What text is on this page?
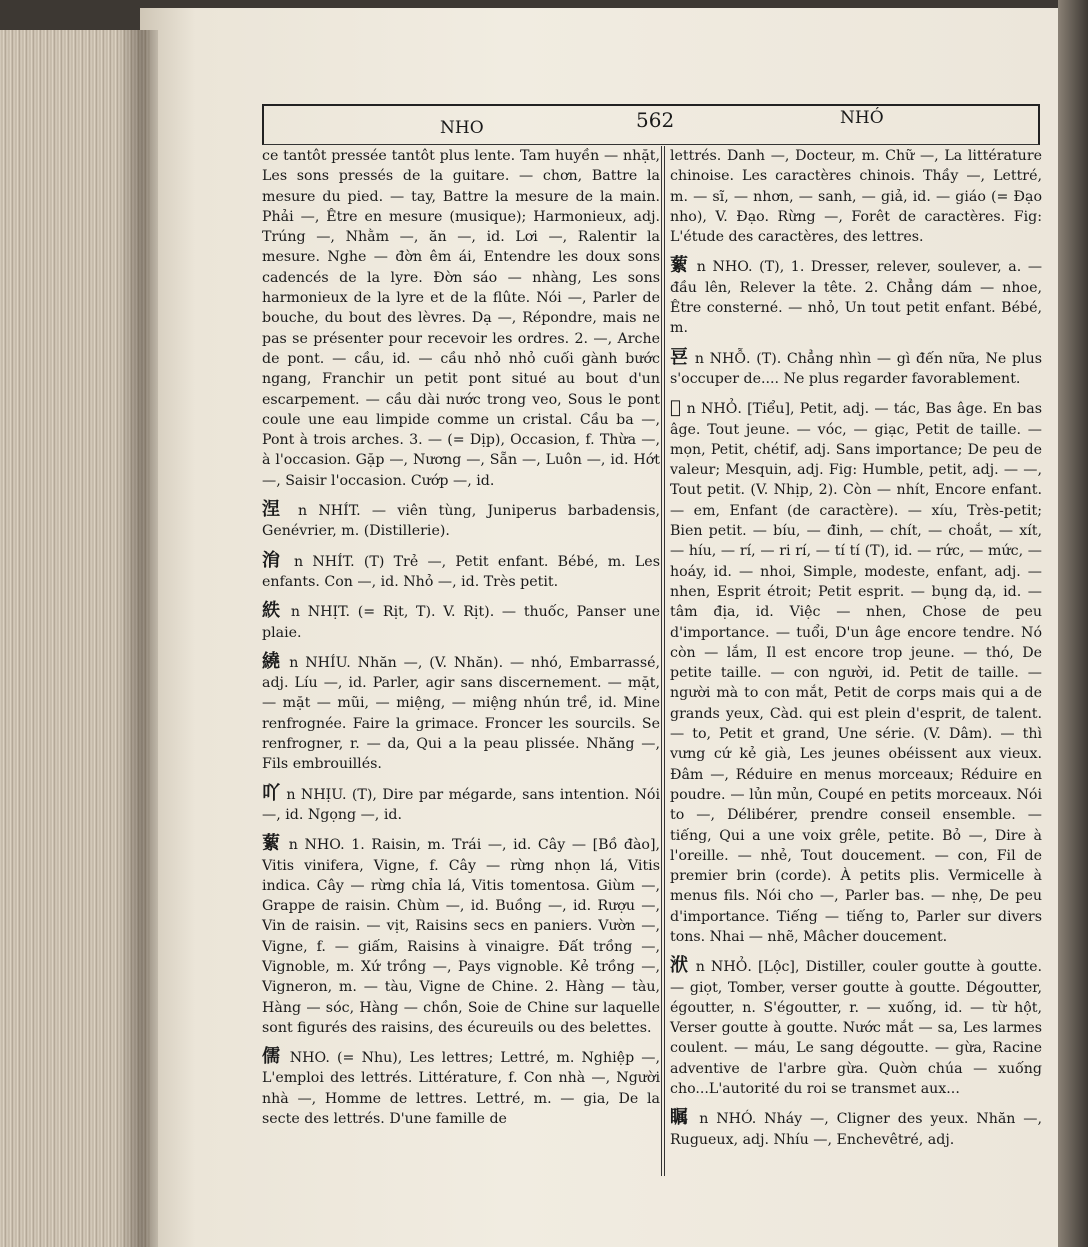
NHO	562	NHÓ

ce tantôt pressée tantôt plus lente. Tam huyền — nhặt, Les sons pressés de la guitare. — chơn, Battre la mesure du pied. — tay, Battre la mesure de la main. Phải —, Être en mesure (musique); Harmonieux, adj. Trúng —, Nhằm —, ăn —, id. Lơi —, Ralentir la mesure. Nghe — đờn êm ái, Entendre les doux sons cadencés de la lyre. Đờn sáo — nhàng, Les sons harmonieux de la lyre et de la flûte. Nói —, Parler de bouche, du bout des lèvres. Dạ —, Répondre, mais ne pas se présenter pour recevoir les ordres. 2. —, Arche de pont. — cầu, id. — cầu nhỏ nhỏ cuối gành bước ngang, Franchir un petit pont situé au bout d'un escarpement. — cầu dài nước trong veo, Sous le pont coule une eau limpide comme un cristal. Cầu ba —, Pont à trois arches. 3. — (= Dịp), Occasion, f. Thừa —, à l'occasion. Gặp —, Nương —, Sẵn —, Luôn —, id. Hớt —, Saisir l'occasion. Cướp —, id.

涅 n NHÍT. — viên tùng, Juniperus barbadensis, Genévrier, m. (Distillerie).

㳙 n NHÍT. (T) Trẻ —, Petit enfant. Bébé, m. Les enfants. Con —, id. Nhỏ —, id. Très petit.

紩 n NHỊT. (= Rịt, T). V. Rịt). — thuốc, Panser une plaie.

繞 n NHÍU. Nhăn —, (V. Nhăn). — nhó, Embarrassé, adj. Líu —, id. Parler, agir sans discernement. — mặt, — mặt — mũi, — miệng, — miệng nhún trề, id. Mine renfrognée. Faire la grimace. Froncer les sourcils. Se renfrogner, r. — da, Qui a la peau plissée. Nhăng —, Fils embrouillés.

吖 n NHỊU. (T), Dire par mégarde, sans intention. Nói —, id. Ngọng —, id.

蕠 n NHO. 1. Raisin, m. Trái —, id. Cây — [Bồ đào], Vitis vinifera, Vigne, f. Cây — rừng nhọn lá, Vitis indica. Cây — rừng chỉa lá, Vitis tomentosa. Giùm —, Grappe de raisin. Chùm —, id. Buồng —, id. Rượu —, Vin de raisin. — vịt, Raisins secs en paniers. Vườn —, Vigne, f. — giấm, Raisins à vinaigre. Đất trồng —, Vignoble, m. Xứ trồng —, Pays vignoble. Kẻ trồng —, Vigneron, m. — tàu, Vigne de Chine. 2. Hàng — tàu, Hàng — sóc, Hàng — chồn, Soie de Chine sur laquelle sont figurés des raisins, des écureuils ou des belettes.

儒 NHO. (= Nhu), Les lettres; Lettré, m. Nghiệp —, L'emploi des lettrés. Littérature, f. Con nhà —, Người nhà —, Homme de lettres. Lettré, m. — gia, De la secte des lettrés. D'une famille de

lettrés. Danh —, Docteur, m. Chữ —, La littérature chinoise. Les caractères chinois. Thầy —, Lettré, m. — sĩ, — nhơn, — sanh, — giả, id. — giáo (= Đạo nho), V. Đạo. Rừng —, Forêt de caractères. Fig: L'étude des caractères, des lettres.

蕠 n NHO. (T), 1. Dresser, relever, soulever, a. — đầu lên, Relever la tête. 2. Chẳng dám — nhoe, Être consterné. — nhỏ, Un tout petit enfant. Bébé, m.

䜳 n NHỖ. (T). Chẳng nhìn — gì đến nữa, Ne plus s'occuper de.... Ne plus regarder favorablement.

𡮈 n NHỎ. [Tiểu], Petit, adj. — tác, Bas âge. En bas âge. Tout jeune. — vóc, — giạc, Petit de taille. — mọn, Petit, chétif, adj. Sans importance; De peu de valeur; Mesquin, adj. Fig: Humble, petit, adj. — —, Tout petit. (V. Nhịp, 2). Còn — nhít, Encore enfant. — em, Enfant (de caractère). — xíu, Très-petit; Bien petit. — bíu, — đinh, — chít, — choắt, — xít, — híu, — rí, — ri rí, — tí tí (T), id. — rức, — mức, — hoáy, id. — nhoi, Simple, modeste, enfant, adj. — nhen, Esprit étroit; Petit esprit. — bụng dạ, id. — tâm địa, id. Việc — nhen, Chose de peu d'importance. — tuổi, D'un âge encore tendre. Nó còn — lắm, Il est encore trop jeune. — thó, De petite taille. — con người, id. Petit de taille. — người mà to con mắt, Petit de corps mais qui a de grands yeux, Càd. qui est plein d'esprit, de talent. — to, Petit et grand, Une série. (V. Dâm). — thì vưng cứ kẻ già, Les jeunes obéissent aux vieux. Đâm —, Réduire en menus morceaux; Réduire en poudre. — lủn mủn, Coupé en petits morceaux. Nói to —, Délibérer, prendre conseil ensemble. — tiếng, Qui a une voix grêle, petite. Bỏ —, Dire à l'oreille. — nhẻ, Tout doucement. — con, Fil de premier brin (corde). À petits plis. Vermicelle à menus fils. Nói cho —, Parler bas. — nhẹ, De peu d'importance. Tiếng — tiếng to, Parler sur divers tons. Nhai — nhẽ, Mâcher doucement.

洑 n NHỎ. [Lộc], Distiller, couler goutte à goutte. — giọt, Tomber, verser goutte à goutte. Dégoutter, égoutter, n. S'égoutter, r. — xuống, id. — từ hột, Verser goutte à goutte. Nước mắt — sa, Les larmes coulent. — máu, Le sang dégoutte. — gừa, Racine adventive de l'arbre gừa. Quờn chúa — xuống cho...L'autorité du roi se transmet aux...

瞩 n NHÓ. Nháy —, Cligner des yeux. Nhăn —, Rugueux, adj. Nhíu —, Enchevêtré, adj.
